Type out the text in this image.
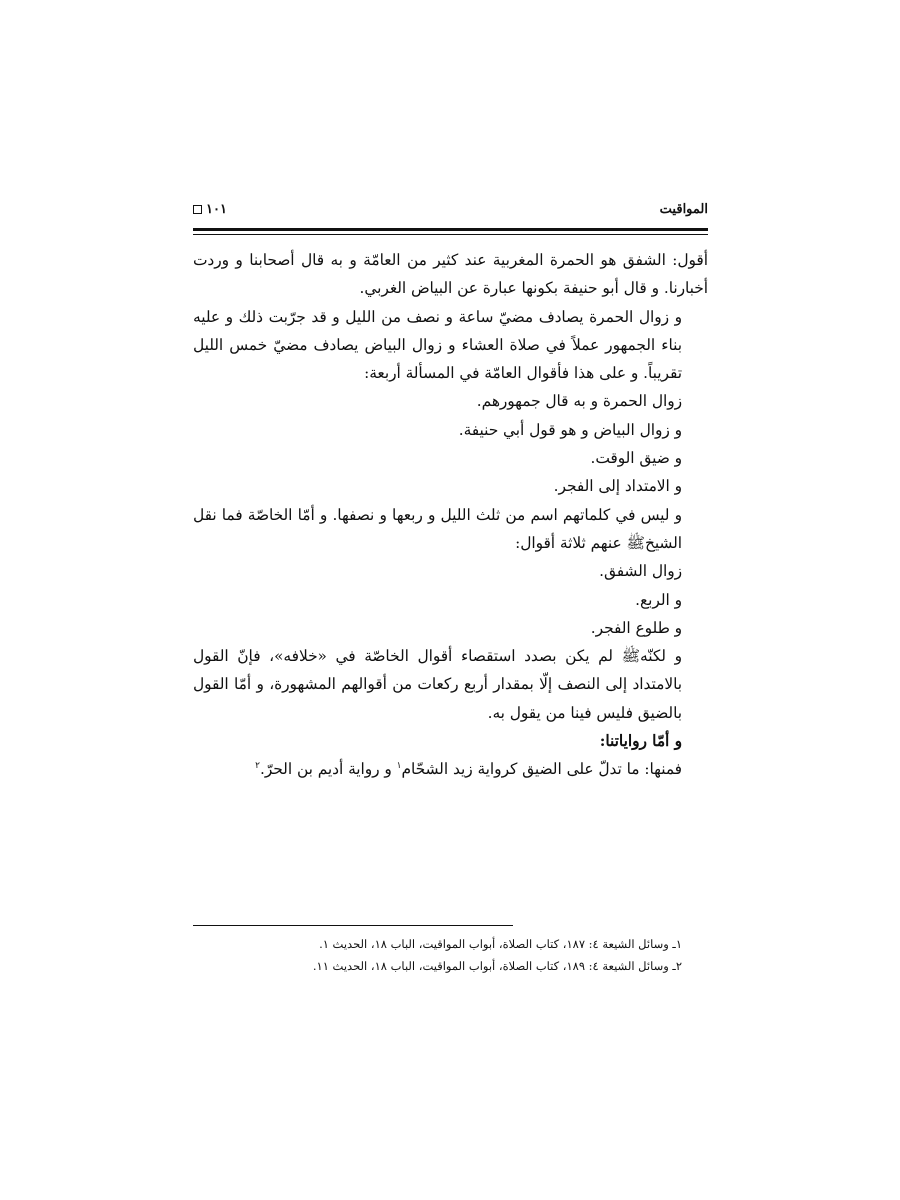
المواقيت
١٠١

أقول: الشفق هو الحمرة المغربية عند كثير من العامّة و به قال أصحابنا و وردت أخبارنا. و قال أبو حنيفة بكونها عبارة عن البياض الغربي.

و زوال الحمرة يصادف مضيّ ساعة و نصف من الليل و قد جرّبت ذلك و عليه بناء الجمهور عملاً في صلاة العشاء و زوال البياض يصادف مضيّ خمس الليل تقريباً. و على هذا فأقوال العامّة في المسألة أربعة:

زوال الحمرة و به قال جمهورهم.

و زوال البياض و هو قول أبي حنيفة.

و ضيق الوقت.

و الامتداد إلى الفجر.

و ليس في كلماتهم اسم من ثلث الليل و ربعها و نصفها. و أمّا الخاصّة فما نقل الشيخ‏ﷺ عنهم ثلاثة أقوال:

زوال الشفق.

و الربع.

و طلوع الفجر.

و لكنّه‏ﷺ لم يكن بصدد استقصاء أقوال الخاصّة في «خلافه»، فإنّ القول بالامتداد إلى النصف إلّا بمقدار أربع ركعات من أقوالهم المشهورة، و أمّا القول بالضيق فليس فينا من يقول به.

و أمّا رواياتنا:

فمنها: ما تدلّ على الضيق كرواية زيد الشحّام$^١$ و رواية أديم بن الحرّ.$^٢$

١ـ وسائل الشيعة ٤: ١٨٧، كتاب الصلاة، أبواب المواقيت، الباب ١٨، الحديث ١.

٢ـ وسائل الشيعة ٤: ١٨٩، كتاب الصلاة، أبواب المواقيت، الباب ١٨، الحديث ١١.
